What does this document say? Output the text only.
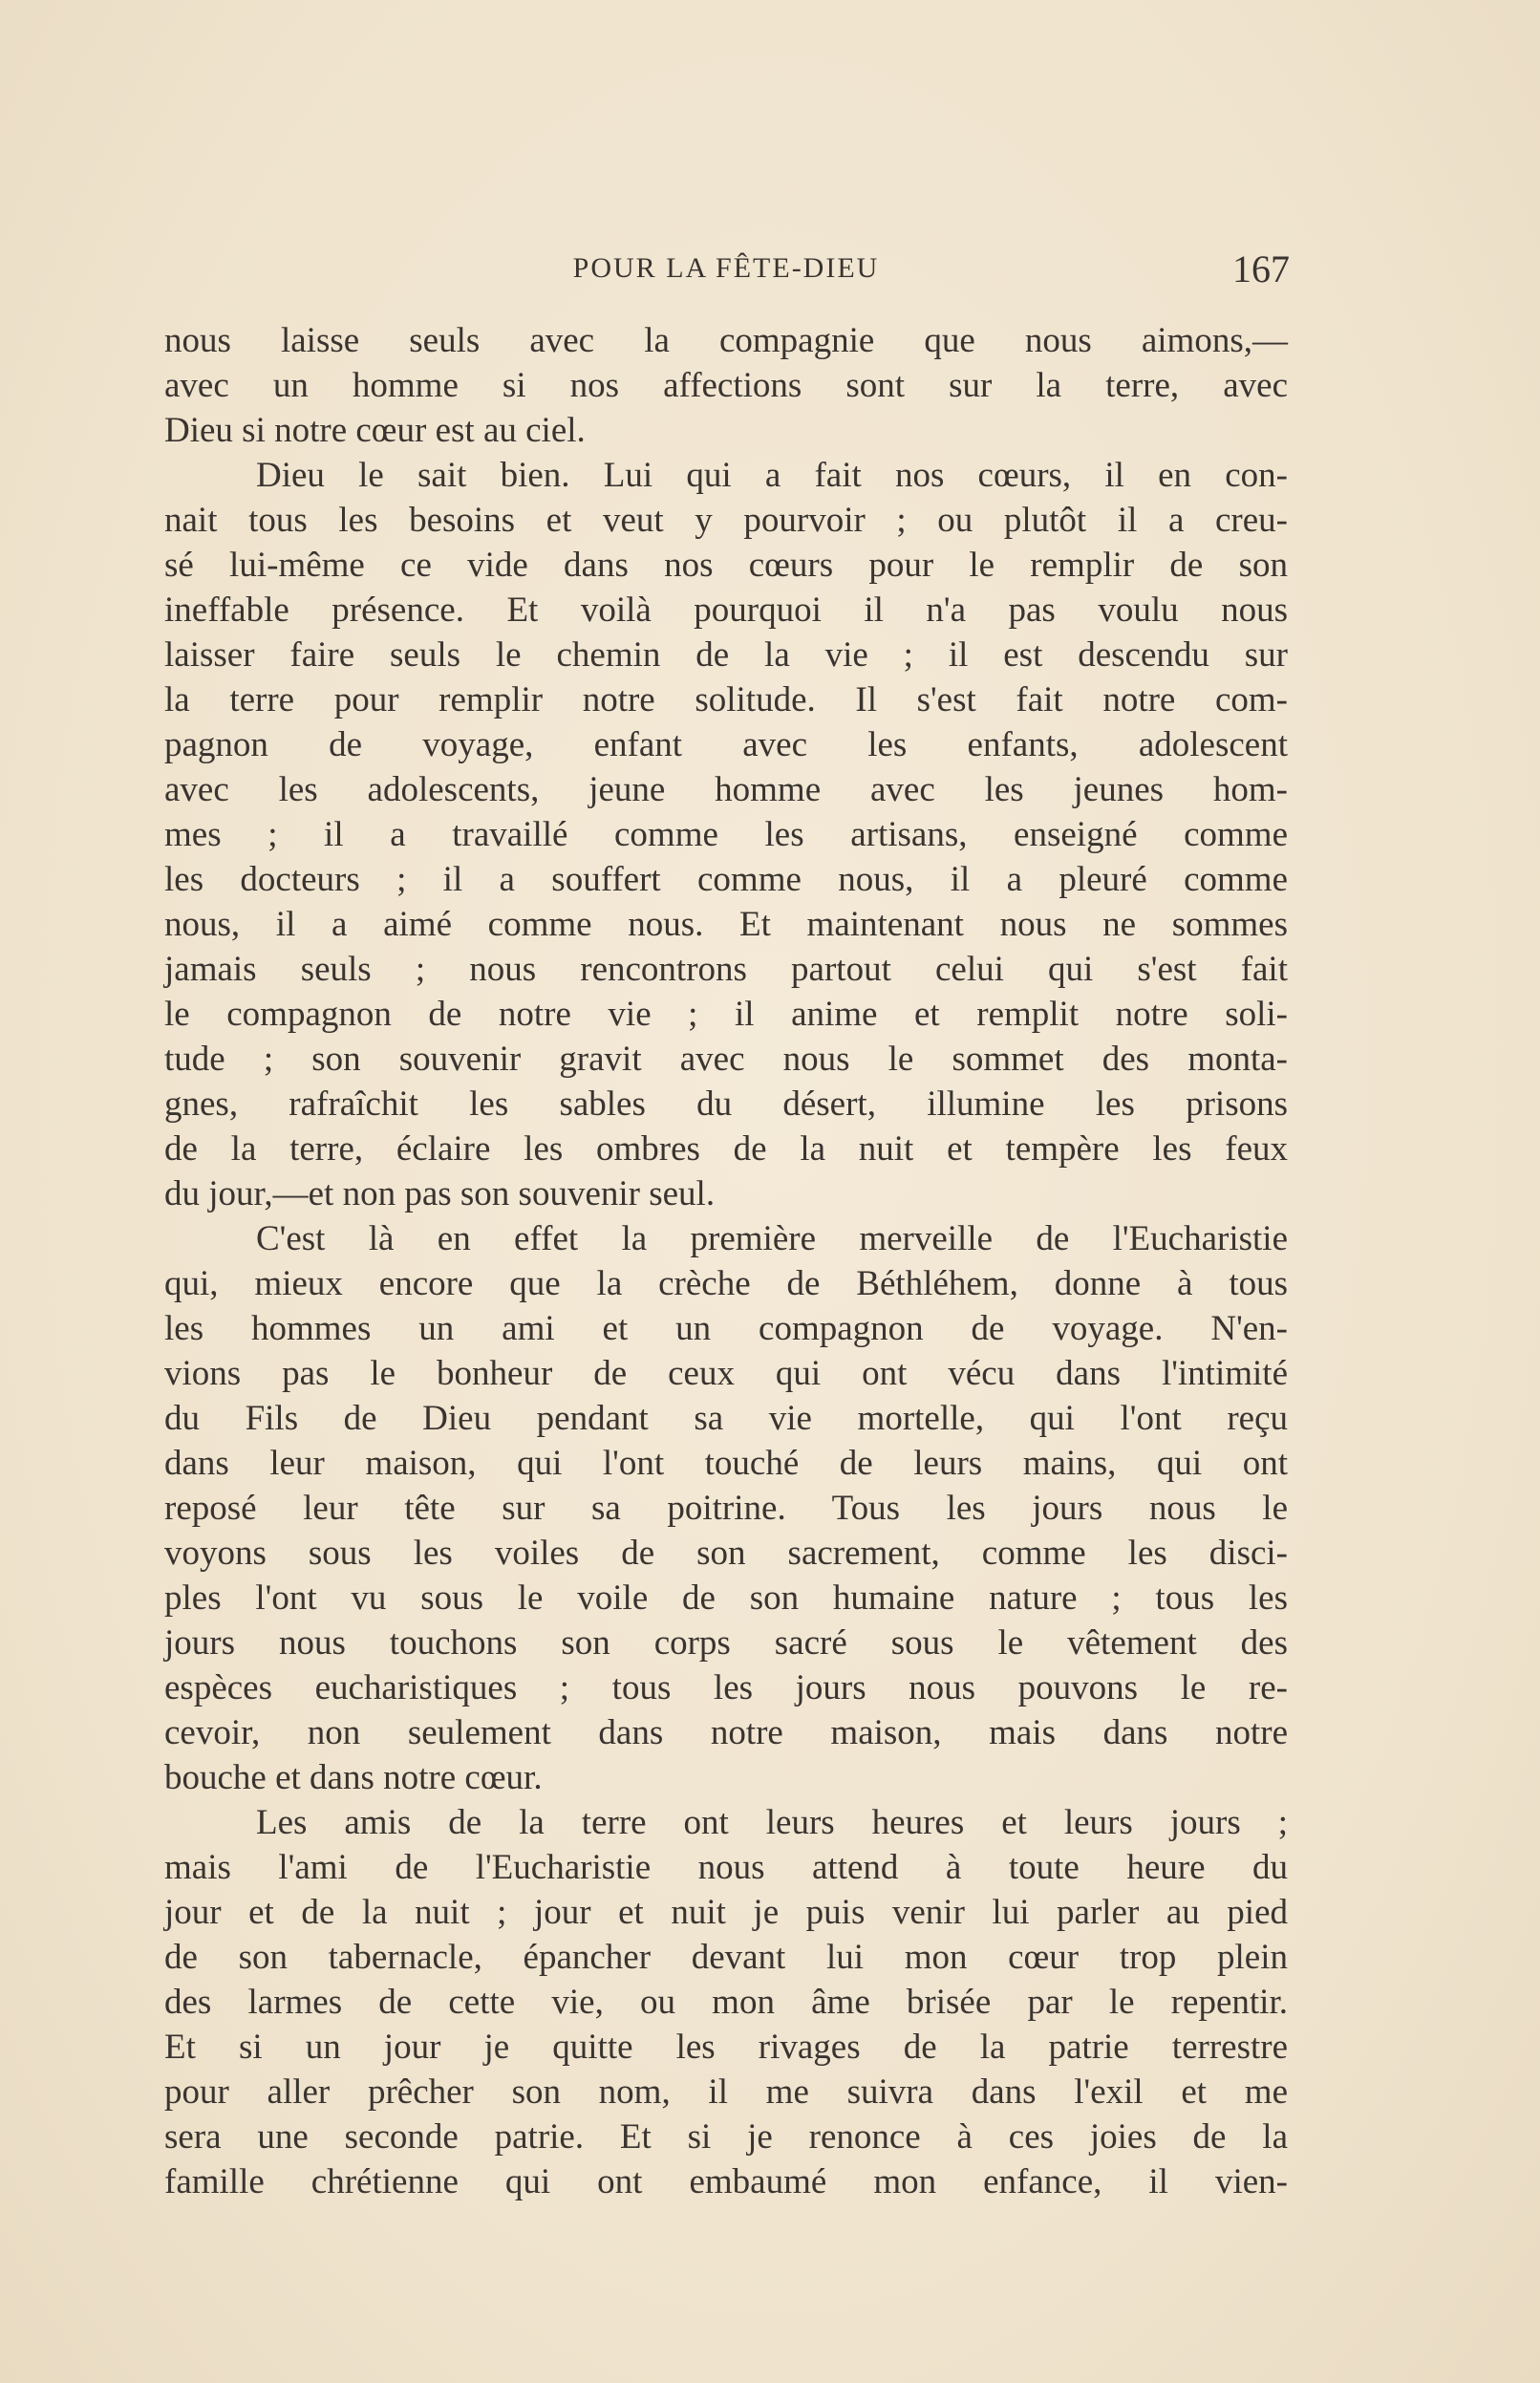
POUR LA FÊTE-DIEU	167
nous laisse seuls avec la compagnie que nous aimons,—
avec un homme si nos affections sont sur la terre, avec
Dieu si notre cœur est au ciel.
Dieu le sait bien. Lui qui a fait nos cœurs, il en con-
nait tous les besoins et veut y pourvoir ; ou plutôt il a creu-
sé lui-même ce vide dans nos cœurs pour le remplir de son
ineffable présence. Et voilà pourquoi il n'a pas voulu nous
laisser faire seuls le chemin de la vie ; il est descendu sur
la terre pour remplir notre solitude. Il s'est fait notre com-
pagnon de voyage, enfant avec les enfants, adolescent
avec les adolescents, jeune homme avec les jeunes hom-
mes ; il a travaillé comme les artisans, enseigné comme
les docteurs ; il a souffert comme nous, il a pleuré comme
nous, il a aimé comme nous. Et maintenant nous ne sommes
jamais seuls ; nous rencontrons partout celui qui s'est fait
le compagnon de notre vie ; il anime et remplit notre soli-
tude ; son souvenir gravit avec nous le sommet des monta-
gnes, rafraîchit les sables du désert, illumine les prisons
de la terre, éclaire les ombres de la nuit et tempère les feux
du jour,—et non pas son souvenir seul.
C'est là en effet la première merveille de l'Eucharistie
qui, mieux encore que la crèche de Béthléhem, donne à tous
les hommes un ami et un compagnon de voyage. N'en-
vions pas le bonheur de ceux qui ont vécu dans l'intimité
du Fils de Dieu pendant sa vie mortelle, qui l'ont reçu
dans leur maison, qui l'ont touché de leurs mains, qui ont
reposé leur tête sur sa poitrine. Tous les jours nous le
voyons sous les voiles de son sacrement, comme les disci-
ples l'ont vu sous le voile de son humaine nature ; tous les
jours nous touchons son corps sacré sous le vêtement des
espèces eucharistiques ; tous les jours nous pouvons le re-
cevoir, non seulement dans notre maison, mais dans notre
bouche et dans notre cœur.
Les amis de la terre ont leurs heures et leurs jours ;
mais l'ami de l'Eucharistie nous attend à toute heure du
jour et de la nuit ; jour et nuit je puis venir lui parler au pied
de son tabernacle, épancher devant lui mon cœur trop plein
des larmes de cette vie, ou mon âme brisée par le repentir.
Et si un jour je quitte les rivages de la patrie terrestre
pour aller prêcher son nom, il me suivra dans l'exil et me
sera une seconde patrie. Et si je renonce à ces joies de la
famille chrétienne qui ont embaumé mon enfance, il vien-
